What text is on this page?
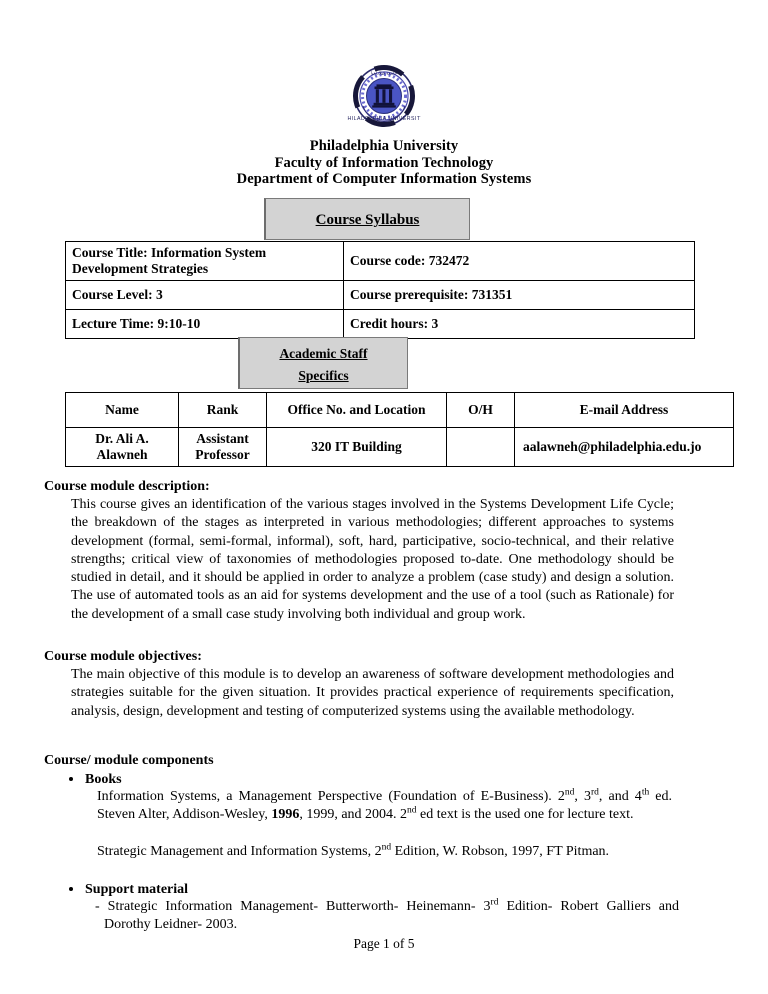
PHILADELPHIA UNIVERSITY
جامعة فيلادلفيا
Philadelphia University
Faculty of Information Technology
Department of Computer Information Systems
Course Syllabus
Course Title: Information System Development Strategies	Course code: 732472
Course Level: 3	Course prerequisite: 731351
Lecture Time: 9:10-10	Credit hours: 3
Academic Staff
Specifics
Name	Rank	Office No. and Location	O/H	E-mail Address
Dr. Ali A. Alawneh	Assistant Professor	320 IT Building		aalawneh@philadelphia.edu.jo
Course module description:
This course gives an identification of the various stages involved in the Systems Development Life Cycle; the breakdown of the stages as interpreted in various methodologies; different approaches to systems development (formal, semi-formal, informal), soft, hard, participative, socio-technical, and their relative strengths; critical view of taxonomies of methodologies proposed to-date. One methodology should be studied in detail, and it should be applied in order to analyze a problem (case study) and design a solution. The use of automated tools as an aid for systems development and the use of a tool (such as Rationale) for the development of a small case study involving both individual and group work.
Course module objectives:
The main objective of this module is to develop an awareness of software development methodologies and strategies suitable for the given situation. It provides practical experience of requirements specification, analysis, design, development and testing of computerized systems using the available methodology.
Course/ module components
Books
Information Systems, a Management Perspective (Foundation of E-Business). 2nd, 3rd, and 4th ed. Steven Alter, Addison-Wesley, 1996, 1999, and 2004. 2nd ed text is the used one for lecture text.
Strategic Management and Information Systems, 2nd Edition, W. Robson, 1997, FT Pitman.
Support material
- Strategic Information Management- Butterworth- Heinemann- 3rd Edition- Robert Galliers and Dorothy Leidner- 2003.
Page 1 of 5
